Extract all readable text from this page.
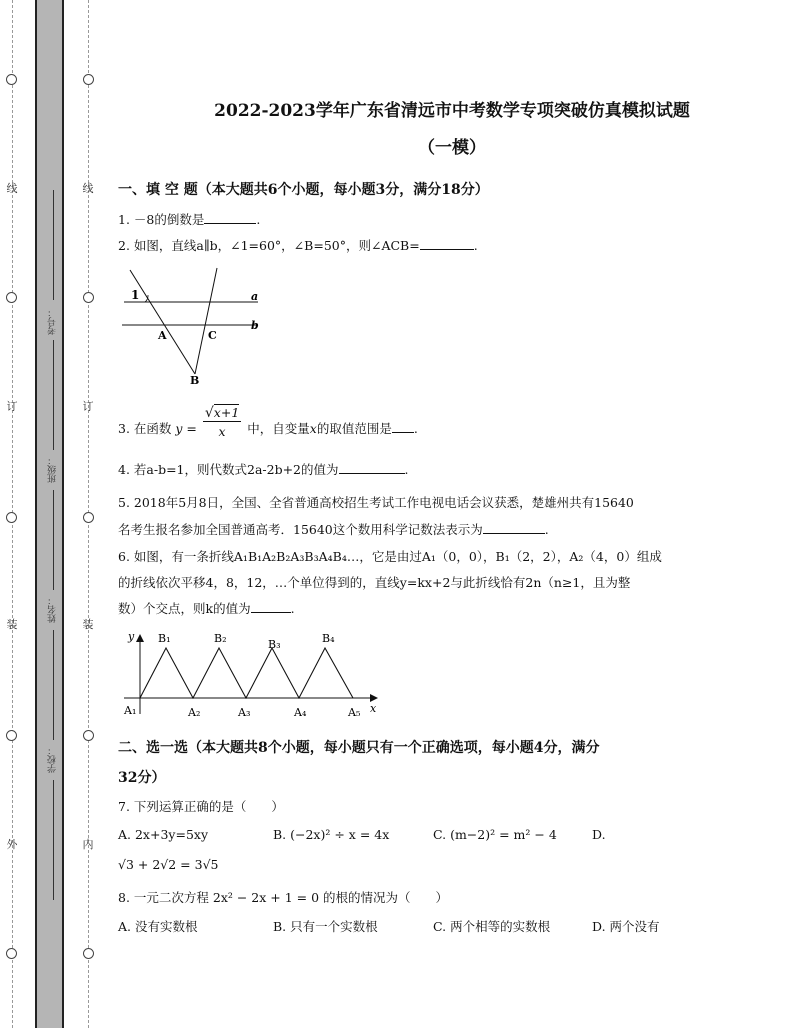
线
订
装
外
线
订
装
内
考号：
班级：
姓名：
学校：
2022-2023学年广东省清远市中考数学专项突破仿真模拟试题
（一模）
一、填 空 题（本大题共6个小题，每小题3分，满分18分）
1. －8的倒数是	.
2. 如图，直线a∥b，∠1=60°，∠B=50°，则∠ACB=	.
1	a
b
A	C
B
3. 在函数 $y = \frac{√x+1}{x}$ 中，自变量x的取值范围是 .
4. 若a-b=1，则代数式2a-2b+2的值为	.
5. 2018年5月8日，全国、全省普通高校招生考试工作电视电话会议获悉，楚雄州共有15640
名考生报名参加全国普通高考．15640这个数用科学记数法表示为	.
6. 如图，有一条折线A₁B₁A₂B₂A₃B₃A₄B₄…，它是由过A₁（0，0），B₁（2，2），A₂（4，0）组成
的折线依次平移4，8，12，…个单位得到的，直线y=kx+2与此折线恰有2n（n≥1，且为整
数）个交点，则k的值为	.
y
x
B₁	B₂	B₃	B₄
A₁	A₂	A₃	A₄	A₅
二、选一选（本大题共8个小题，每小题只有一个正确选项，每小题4分，满分
32分）
7. 下列运算正确的是（　　）
A. 2x+3y=5xy	B. (−2x)² ÷ x = 4x	C. (m−2)² = m² − 4	D.
√3 + 2√2 = 3√5
8. 一元二次方程 2x² − 2x + 1 = 0 的根的情况为（　　）
A. 没有实数根	B. 只有一个实数根	C. 两个相等的实数根	D. 两个没有
